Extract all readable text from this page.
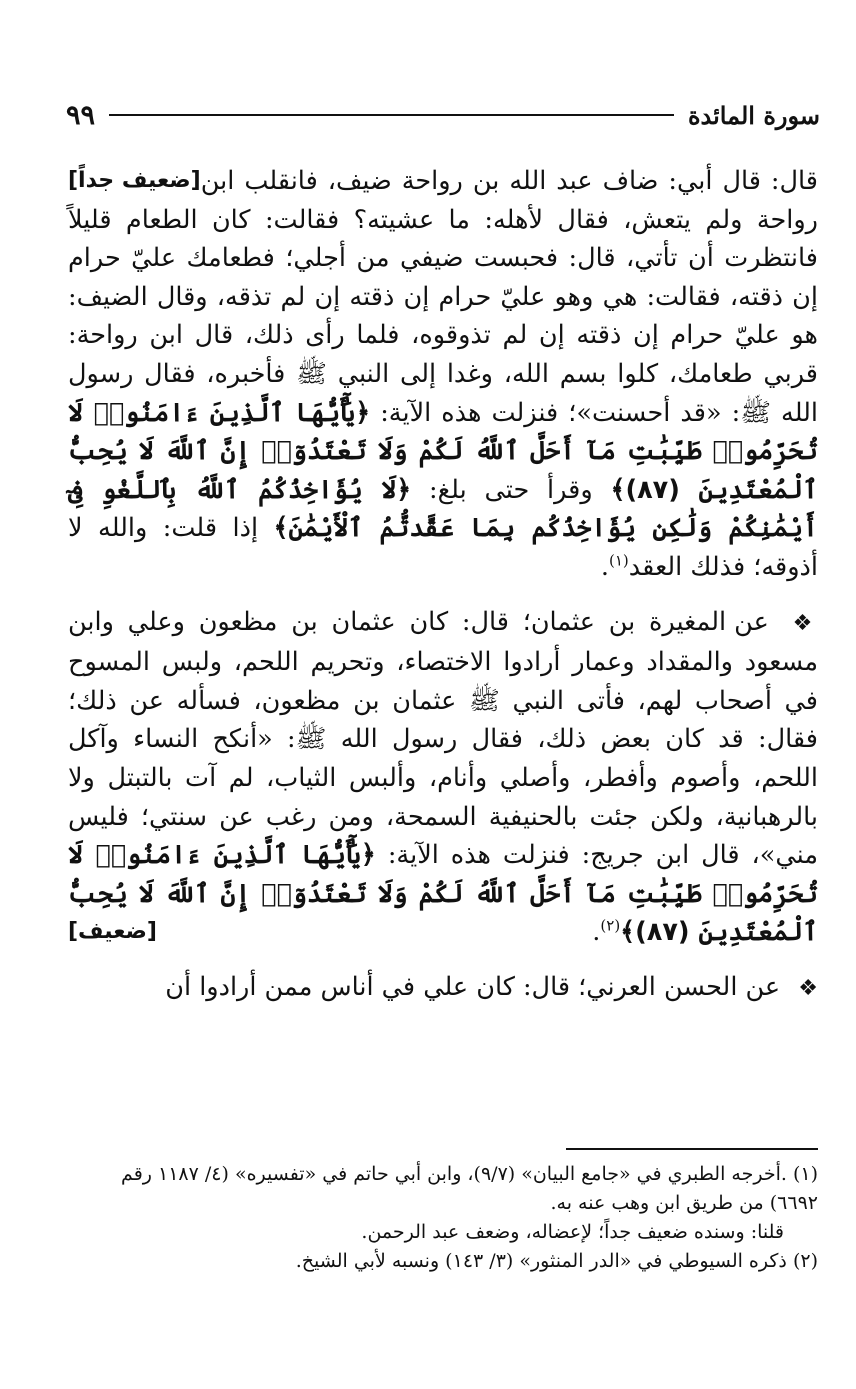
سورة المائدة
٩٩

[ضعيف جداً] قال: قال أبي: ضاف عبد الله بن رواحة ضيف، فانقلب ابن رواحة ولم يتعش، فقال لأهله: ما عشيته؟ فقالت: كان الطعام قليلاً فانتظرت أن تأتي، قال: فحبست ضيفي من أجلي؛ فطعامك عليّ حرام إن ذقته، فقالت: هي وهو عليّ حرام إن ذقته إن لم تذقه، وقال الضيف: هو عليّ حرام إن ذقته إن لم تذوقوه، فلما رأى ذلك، قال ابن رواحة: قربي طعامك، كلوا بسم الله، وغدا إلى النبي ﷺ فأخبره، فقال رسول الله ﷺ: «قد أحسنت»؛ فنزلت هذه الآية: ﴿يَٰٓأَيُّهَا ٱلَّذِينَ ءَامَنُوا۟ لَا تُحَرِّمُوا۟ طَيِّبَٰتِ مَآ أَحَلَّ ٱللَّهُ لَكُمْ وَلَا تَعْتَدُوٓا۟ إِنَّ ٱللَّهَ لَا يُحِبُّ ٱلْمُعْتَدِينَ (٨٧)﴾ وقرأ حتى بلغ: ﴿لَا يُؤَاخِذُكُمُ ٱللَّهُ بِٱللَّغْوِ فِىٓ أَيْمَٰنِكُمْ وَلَٰكِن يُؤَاخِذُكُم بِمَا عَقَّدتُّمُ ٱلْأَيْمَٰنَ﴾ إذا قلت: والله لا أذوقه؛ فذلك العقد$^{(١)}$.

❖ عن المغيرة بن عثمان؛ قال: كان عثمان بن مظعون وعلي وابن مسعود والمقداد وعمار أرادوا الاختصاء، وتحريم اللحم، ولبس المسوح في أصحاب لهم، فأتى النبي ﷺ عثمان بن مظعون، فسأله عن ذلك؛ فقال: قد كان بعض ذلك، فقال رسول الله ﷺ: «أنكح النساء وآكل اللحم، وأصوم وأفطر، وأصلي وأنام، وألبس الثياب، لم آت بالتبتل ولا بالرهبانية، ولكن جئت بالحنيفية السمحة، ومن رغب عن سنتي؛ فليس مني»، قال ابن جريج: فنزلت هذه الآية: ﴿يَٰٓأَيُّهَا ٱلَّذِينَ ءَامَنُوا۟ لَا تُحَرِّمُوا۟ طَيِّبَٰتِ مَآ أَحَلَّ ٱللَّهُ لَكُمْ وَلَا تَعْتَدُوٓا۟ إِنَّ ٱللَّهَ لَا يُحِبُّ ٱلْمُعْتَدِينَ (٨٧)﴾$^{(٢)}$.
[ضعيف]

❖ عن الحسن العرني؛ قال: كان علي في أناس ممن أرادوا أن

(١) .أخرجه الطبري في «جامع البيان» (٩/٧)، وابن أبي حاتم في «تفسيره» (٤/ ١١٨٧ رقم ٦٦٩٢) من طريق ابن وهب عنه به.

قلنا: وسنده ضعيف جداً؛ لإعضاله، وضعف عبد الرحمن.

(٢) ذكره السيوطي في «الدر المنثور» (٣/ ١٤٣) ونسبه لأبي الشيخ.
